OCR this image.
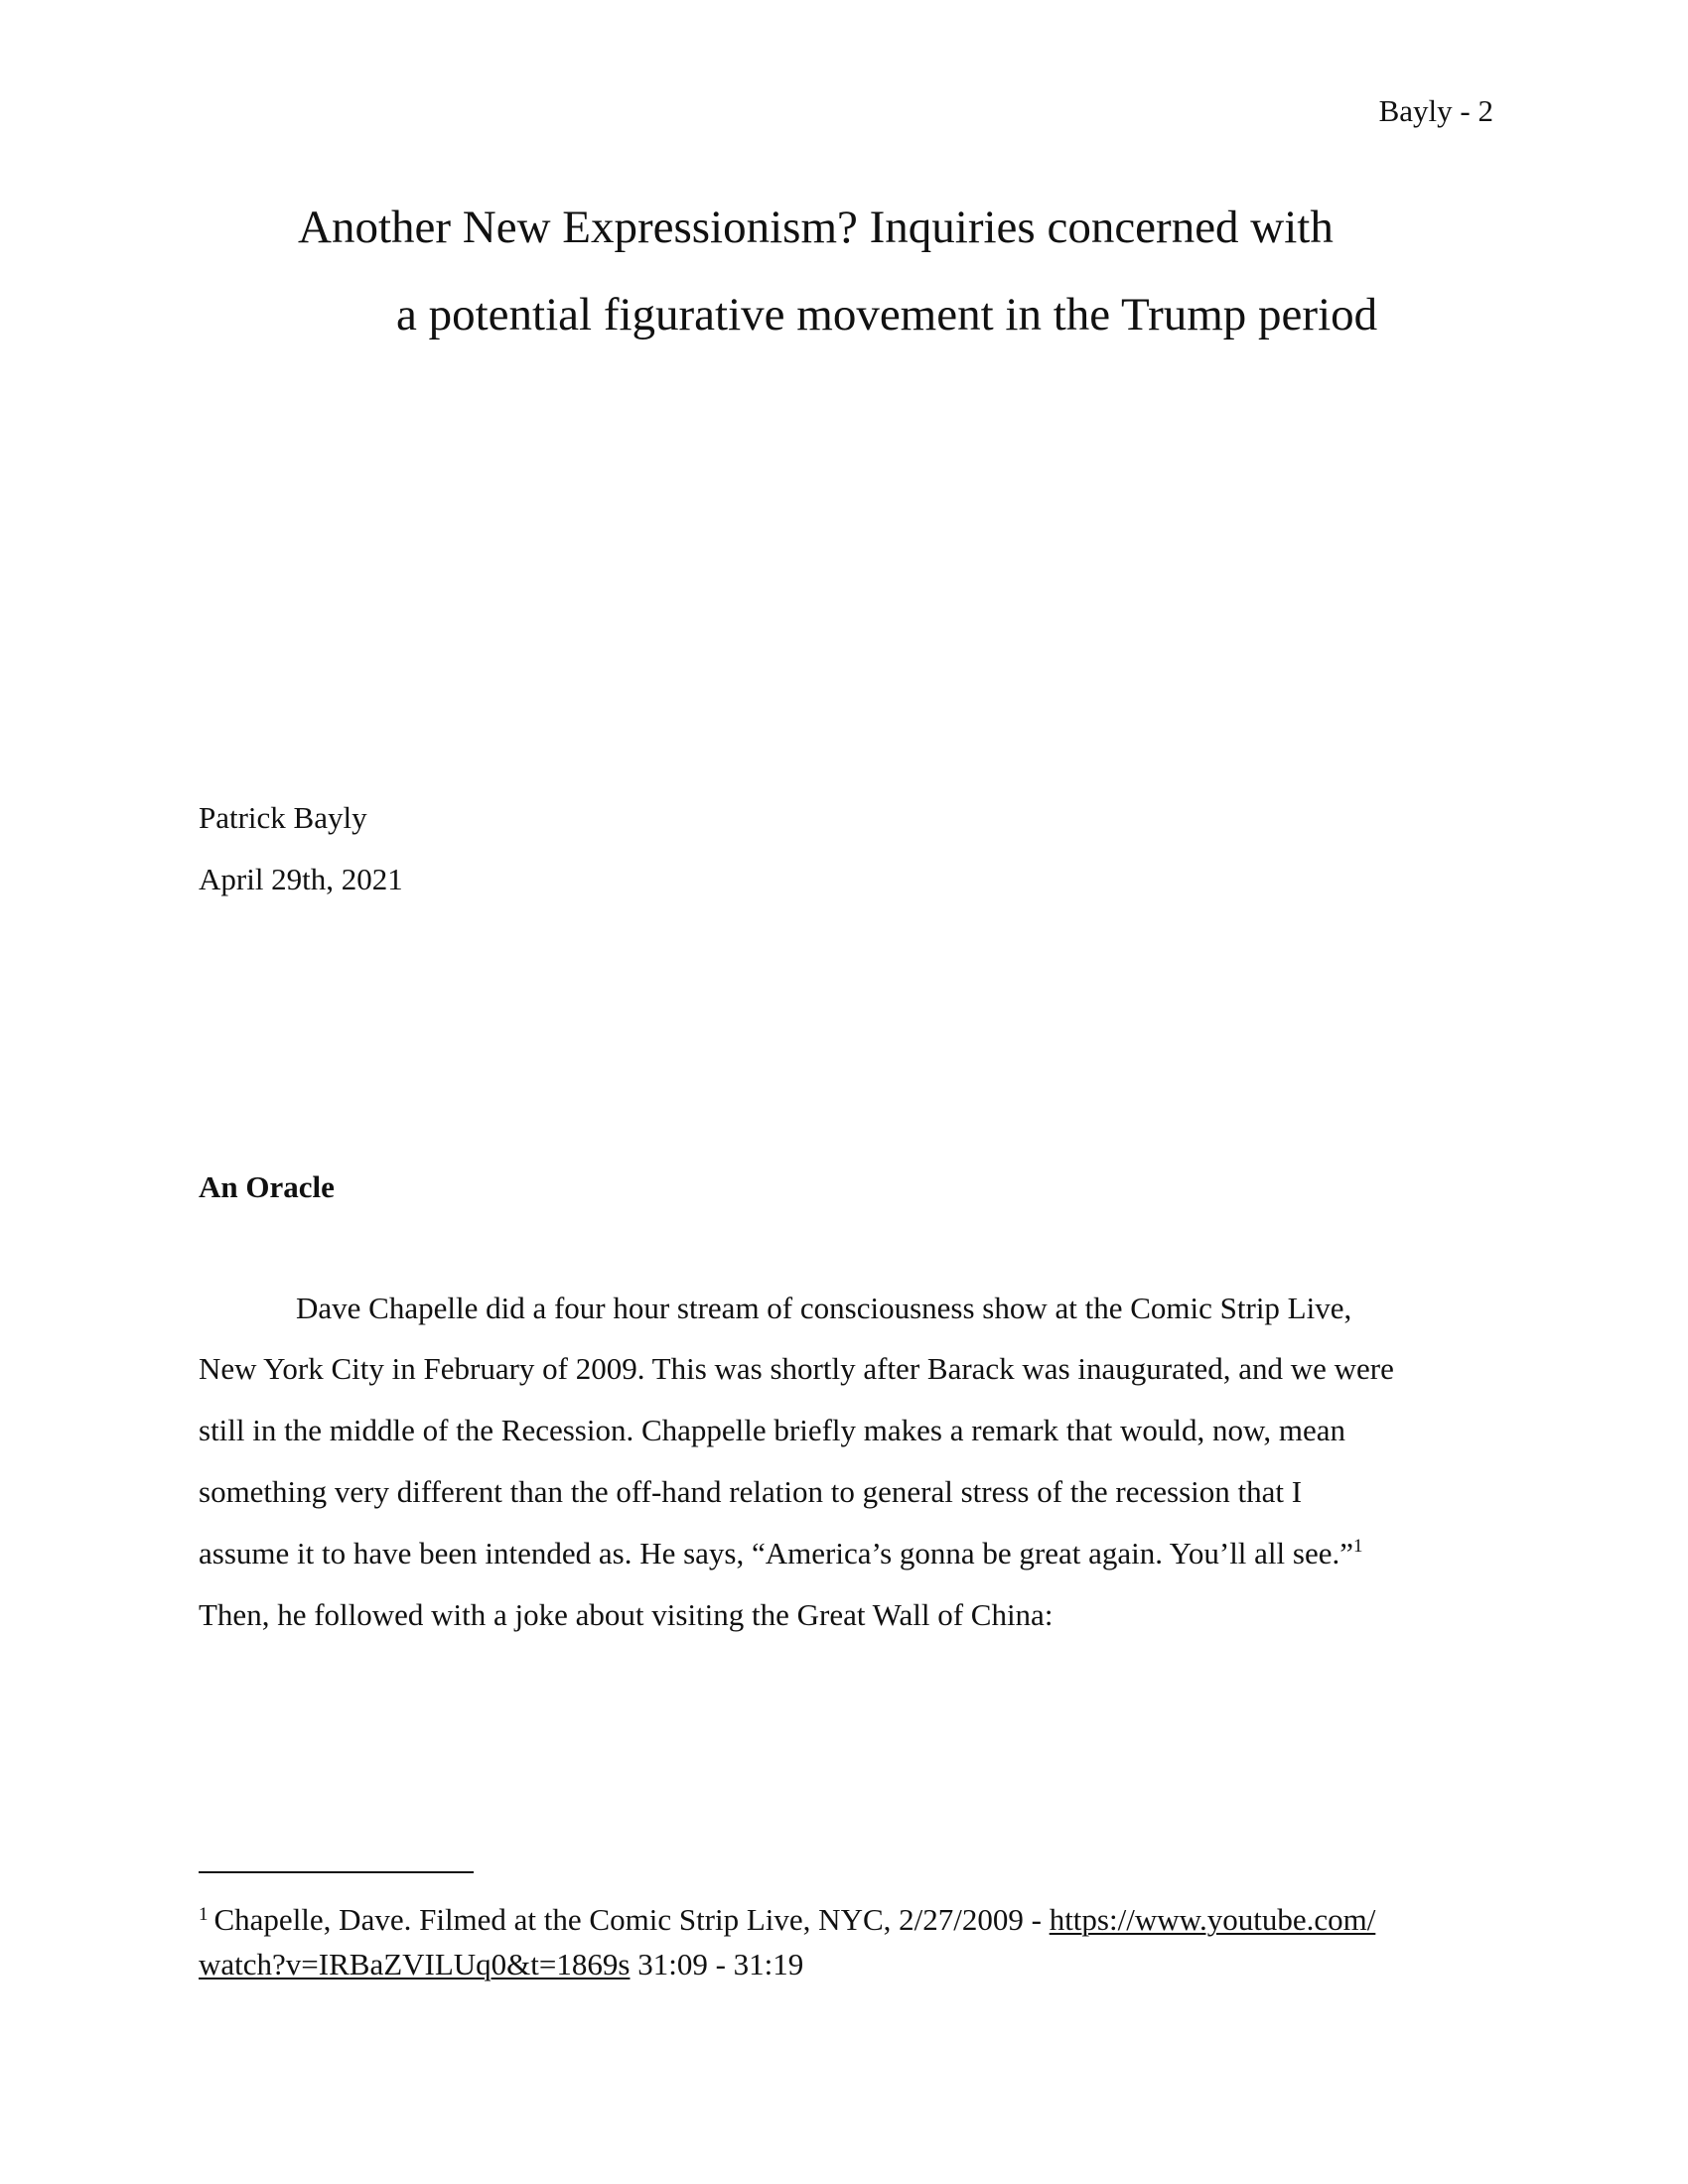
Bayly - 2
Another New Expressionism? Inquiries concerned with
a potential figurative movement in the Trump period
Patrick Bayly
April 29th, 2021
An Oracle
Dave Chapelle did a four hour stream of consciousness show at the Comic Strip Live,
New York City in February of 2009. This was shortly after Barack was inaugurated, and we were
still in the middle of the Recession. Chappelle briefly makes a remark that would, now, mean
something very different than the off-hand relation to general stress of the recession that I
assume it to have been intended as. He says, “America’s gonna be great again. You’ll all see.”$^1$
Then, he followed with a joke about visiting the Great Wall of China:
$^1$ Chapelle, Dave. Filmed at the Comic Strip Live, NYC, 2/27/2009 - https://www.youtube.com/
watch?v=IRBaZVILUq0&t=1869s 31:09 - 31:19
